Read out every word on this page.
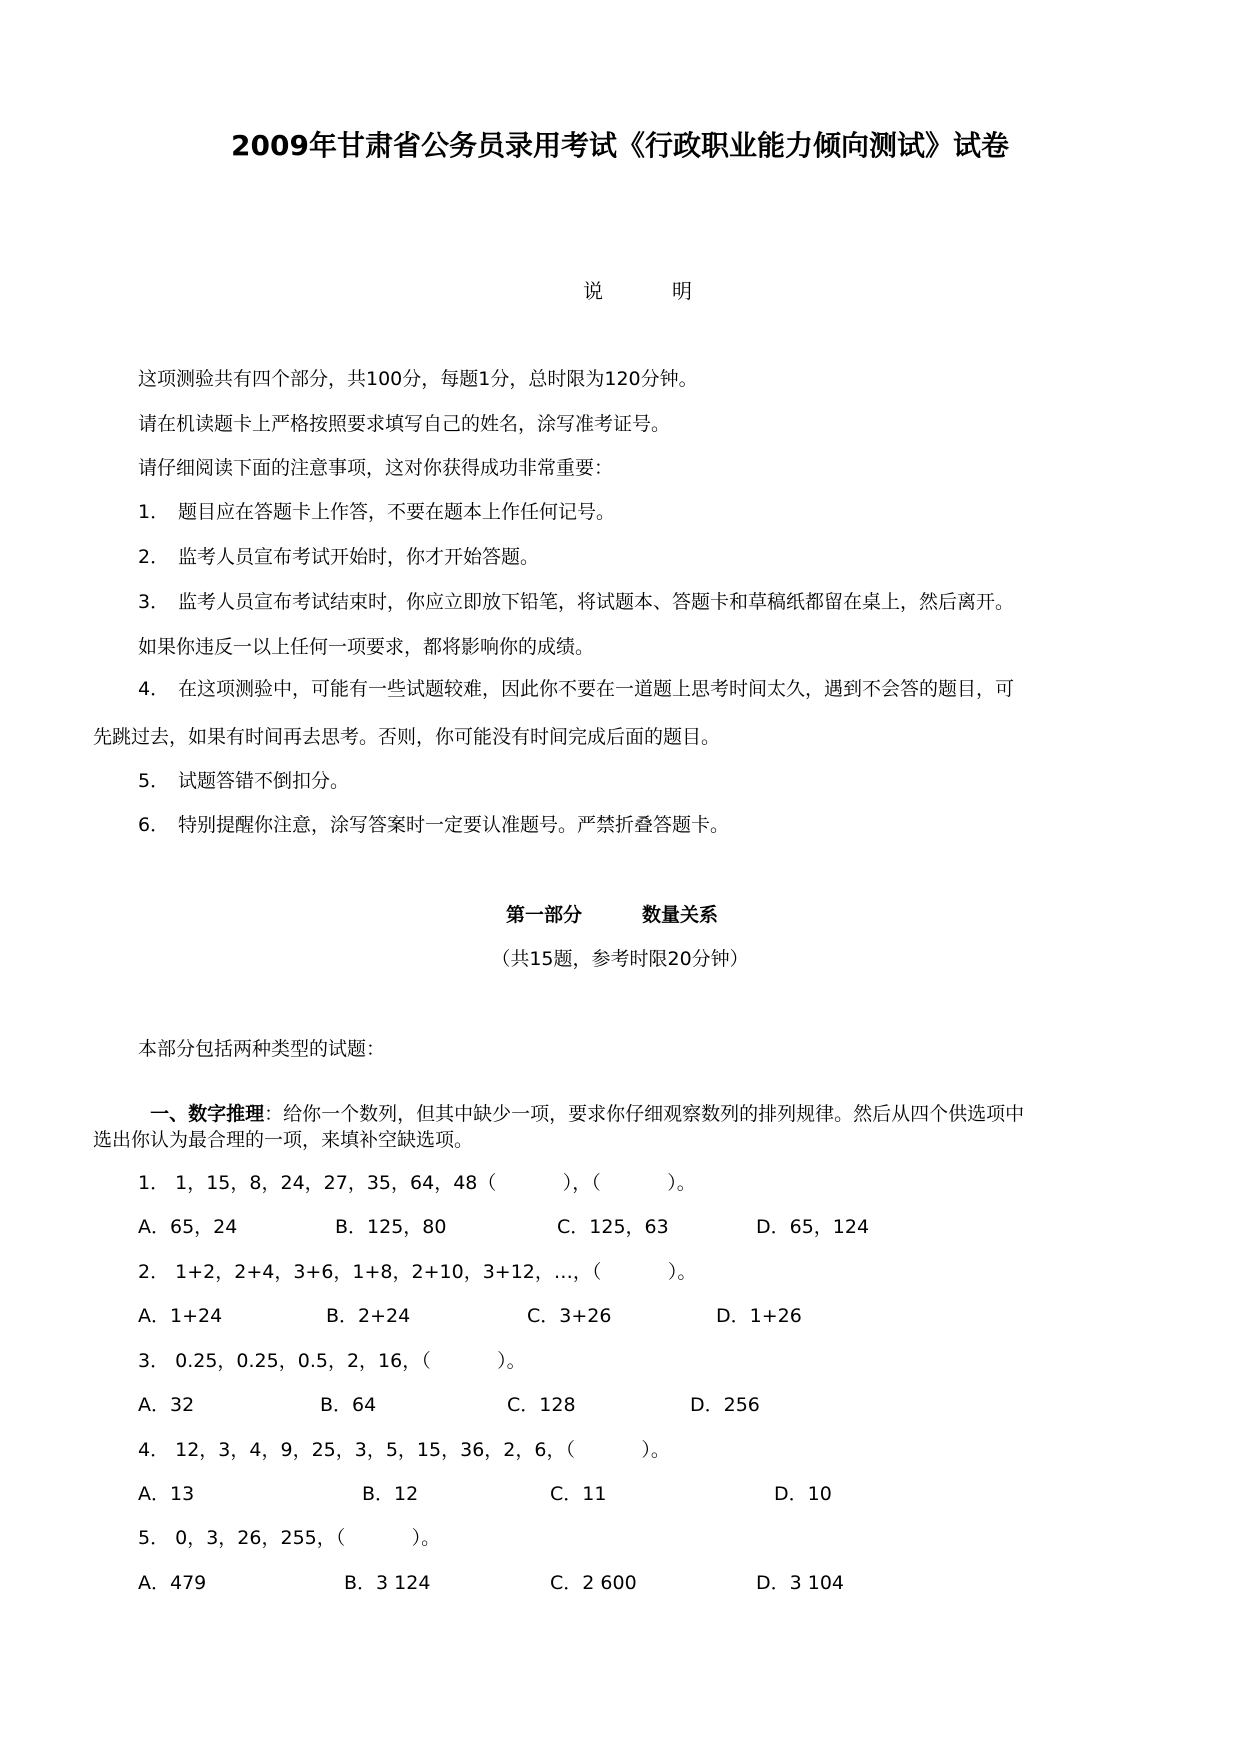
2009年甘肃省公务员录用考试《行政职业能力倾向测试》试卷
说	明
这项测验共有四个部分，共100分，每题1分，总时限为120分钟。
请在机读题卡上严格按照要求填写自己的姓名，涂写准考证号。
请仔细阅读下面的注意事项，这对你获得成功非常重要：
1． 题目应在答题卡上作答，不要在题本上作任何记号。
2． 监考人员宣布考试开始时，你才开始答题。
3． 监考人员宣布考试结束时，你应立即放下铅笔，将试题本、答题卡和草稿纸都留在桌上，然后离开。
如果你违反一以上任何一项要求，都将影响你的成绩。
4． 在这项测验中，可能有一些试题较难，因此你不要在一道题上思考时间太久，遇到不会答的题目，可
先跳过去，如果有时间再去思考。否则，你可能没有时间完成后面的题目。
5． 试题答错不倒扣分。
6． 特别提醒你注意，涂写答案时一定要认准题号。严禁折叠答题卡。
第一部分	数量关系
（共15题，参考时限20分钟）
本部分包括两种类型的试题：

一、数字推理：给你一个数列，但其中缺少一项，要求你仔细观察数列的排列规律。然后从四个供选项中

选出你认为最合理的一项，来填补空缺选项。
1． 1，15，8，24，27，35，64，48（           ），（           ）。
A．65，24	B．125，80	C．125，63	D．65，124
2． 1+2，2+4，3+6，1+8，2+10，3+12，…，（           ）。
A．1+24	B．2+24	C．3+26	D．1+26
3． 0.25，0.25，0.5，2，16，（           ）。
A．32	B．64	C．128	D．256
4． 12，3，4，9，25，3，5，15，36，2，6，（           ）。
A．13	B．12	C．11	D．10
5． 0，3，26，255，（           ）。
A．479	B．3 124	C．2 600	D．3 104
